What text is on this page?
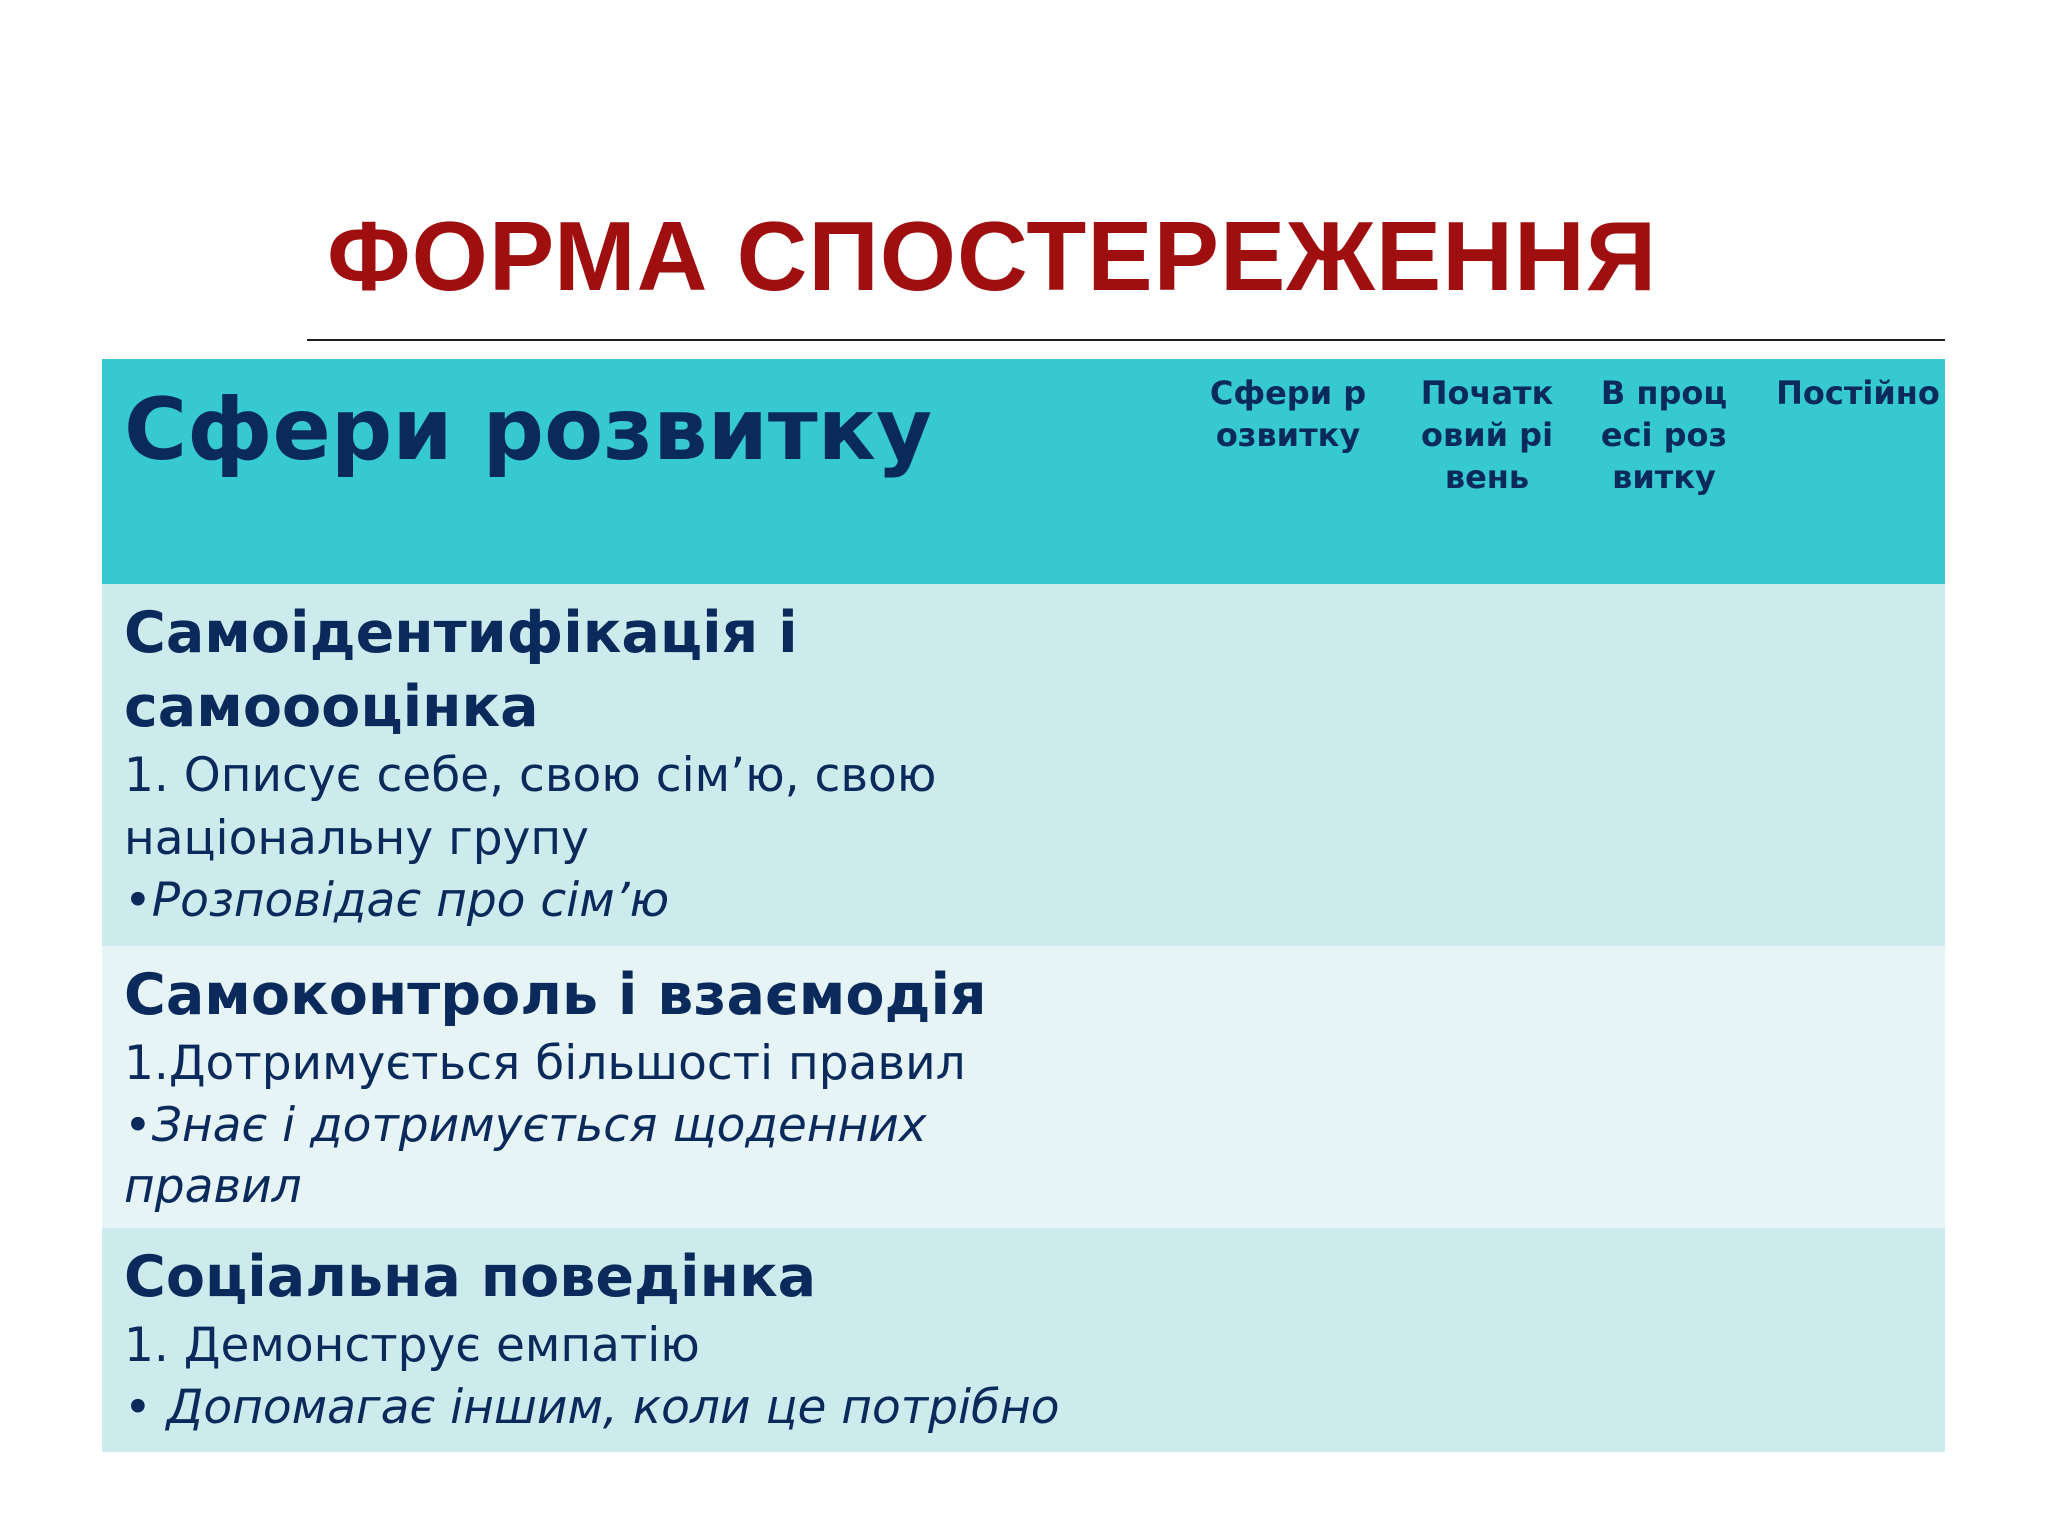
ФОРМА СПОСТЕРЕЖЕННЯ
Сфери розвитку	Сфери розвитку
Початковий рівень
В процесі розвитку
Постійно
Самоідентифікація і самоооцінка
1. Описує себе, свою сім’ю, свою національну групу
•Розповідає про сім’ю
Самоконтроль і взаємодія
1.Дотримується більшості правил
•Знає і дотримується щоденних правил
Соціальна поведінка
1. Демонструє емпатію
• Допомагає іншим, коли це потрібно
